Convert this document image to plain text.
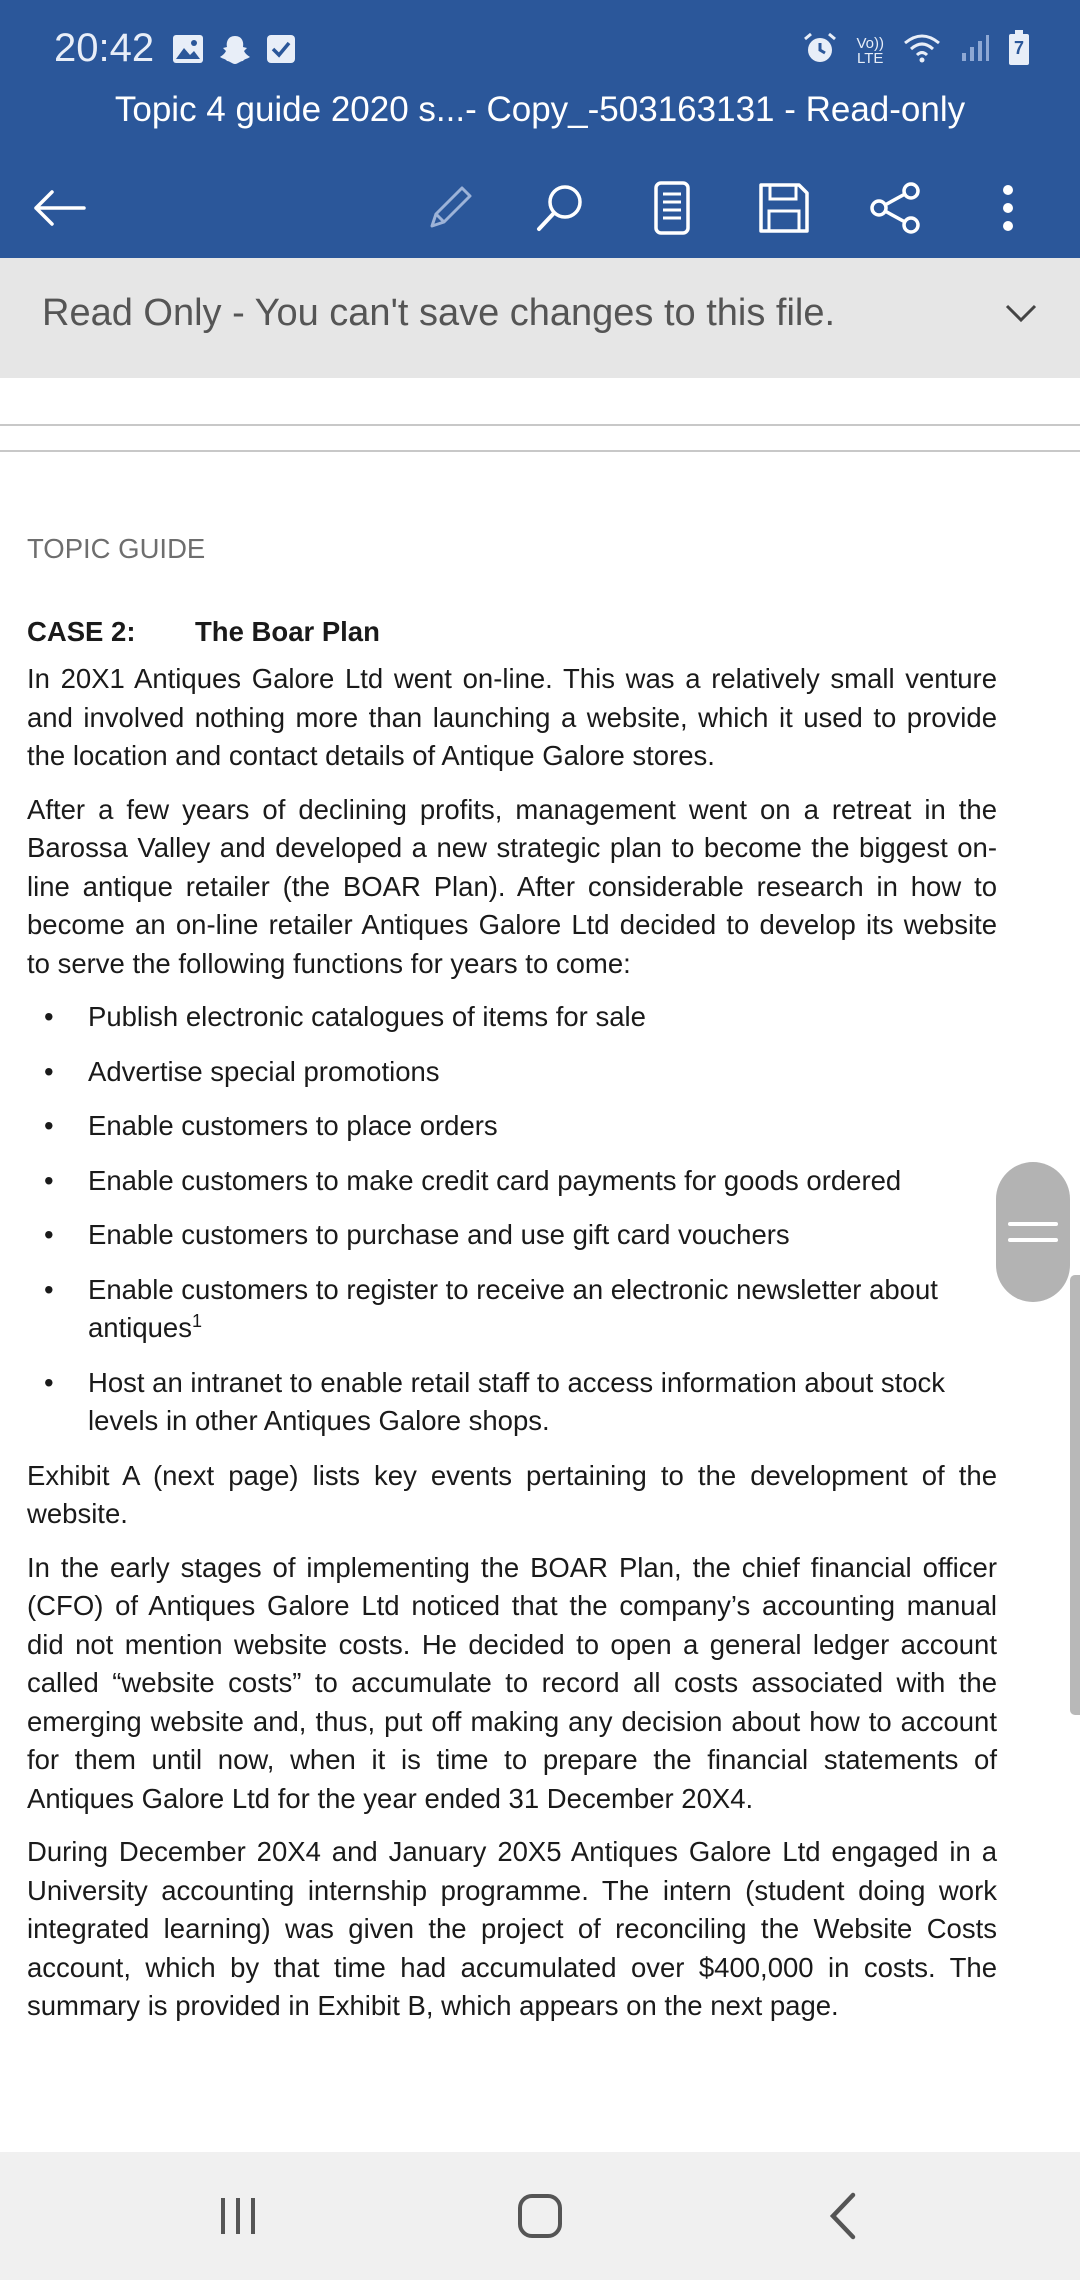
20:42	Vo))
LTE	7
Topic 4 guide 2020 s...- Copy_-503163131 - Read-only
Read Only - You can't save changes to this file.
TOPIC GUIDE
CASE 2: The Boar Plan

In 20X1 Antiques Galore Ltd went on-line. This was a relatively small venture and involved nothing more than launching a website, which it used to provide the location and contact details of Antique Galore stores.

After a few years of declining profits, management went on a retreat in the Barossa Valley and developed a new strategic plan to become the biggest on-line antique retailer (the BOAR Plan). After considerable research in how to become an on-line retailer Antiques Galore Ltd decided to develop its website to serve the following functions for years to come:

• Publish electronic catalogues of items for sale
• Advertise special promotions
• Enable customers to place orders
• Enable customers to make credit card payments for goods ordered
• Enable customers to purchase and use gift card vouchers
• Enable customers to register to receive an electronic newsletter about antiques$^1$
• Host an intranet to enable retail staff to access information about stock levels in other Antiques Galore shops.

Exhibit A (next page) lists key events pertaining to the development of the website.

In the early stages of implementing the BOAR Plan, the chief financial officer (CFO) of Antiques Galore Ltd noticed that the company’s accounting manual did not mention website costs. He decided to open a general ledger account called “website costs” to accumulate to record all costs associated with the emerging website and, thus, put off making any decision about how to account for them until now, when it is time to prepare the financial statements of Antiques Galore Ltd for the year ended 31 December 20X4.

During December 20X4 and January 20X5 Antiques Galore Ltd engaged in a University accounting internship programme. The intern (student doing work integrated learning) was given the project of reconciling the Website Costs account, which by that time had accumulated over $400,000 in costs. The summary is provided in Exhibit B, which appears on the next page.
